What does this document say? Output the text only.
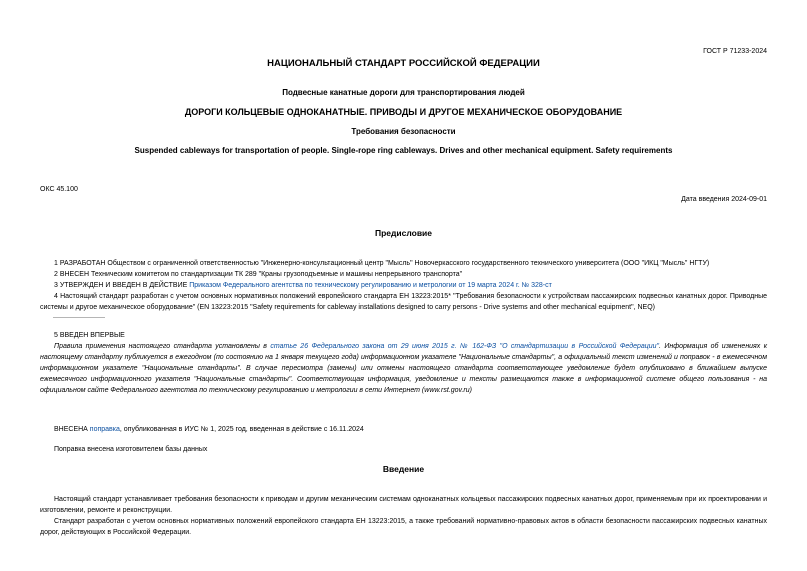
ГОСТ Р 71233-2024
НАЦИОНАЛЬНЫЙ СТАНДАРТ РОССИЙСКОЙ ФЕДЕРАЦИИ
Подвесные канатные дороги для транспортирования людей
ДОРОГИ КОЛЬЦЕВЫЕ ОДНОКАНАТНЫЕ. ПРИВОДЫ И ДРУГОЕ МЕХАНИЧЕСКОЕ ОБОРУДОВАНИЕ
Требования безопасности
Suspended cableways for transportation of people. Single-rope ring cableways. Drives and other mechanical equipment. Safety requirements
ОКС 45.100
Дата введения 2024-09-01
Предисловие
1 РАЗРАБОТАН Обществом с ограниченной ответственностью "Инженерно-консультационный центр "Мысль" Новочеркасского государственного технического университета (ООО "ИКЦ "Мысль" НГТУ)
2 ВНЕСЕН Техническим комитетом по стандартизации ТК 289 "Краны грузоподъемные и машины непрерывного транспорта"
3 УТВЕРЖДЕН И ВВЕДЕН В ДЕЙСТВИЕ Приказом Федерального агентства по техническому регулированию и метрологии от 19 марта 2024 г. № 328-ст
4 Настоящий стандарт разработан с учетом основных нормативных положений европейского стандарта ЕН 13223:2015* "Требования безопасности к устройствам пассажирских подвесных канатных дорог. Приводные системы и другое механическое оборудование" (EN 13223:2015 "Safety requirements for cableway installations designed to carry persons - Drive systems and other mechanical equipment", NEQ)
5 ВВЕДЕН ВПЕРВЫЕ
Правила применения настоящего стандарта установлены в статье 26 Федерального закона от 29 июня 2015 г. № 162-ФЗ "О стандартизации в Российской Федерации". Информация об изменениях к настоящему стандарту публикуется в ежегодном (по состоянию на 1 января текущего года) информационном указателе "Национальные стандарты", а официальный текст изменений и поправок - в ежемесячном информационном указателе "Национальные стандарты". В случае пересмотра (замены) или отмены настоящего стандарта соответствующее уведомление будет опубликовано в ближайшем выпуске ежемесячного информационного указателя "Национальные стандарты". Соответствующая информация, уведомление и тексты размещаются также в информационной системе общего пользования - на официальном сайте Федерального агентства по техническому регулированию и метрологии в сети Интернет (www.rst.gov.ru)
ВНЕСЕНА поправка, опубликованная в ИУС № 1, 2025 год, введенная в действие с 16.11.2024
Поправка внесена изготовителем базы данных
Введение
Настоящий стандарт устанавливает требования безопасности к приводам и другим механическим системам одноканатных кольцевых пассажирских подвесных канатных дорог, применяемым при их проектировании и изготовлении, ремонте и реконструкции.
Стандарт разработан с учетом основных нормативных положений европейского стандарта ЕН 13223:2015, а также требований нормативно-правовых актов в области безопасности пассажирских подвесных канатных дорог, действующих в Российской Федерации.
